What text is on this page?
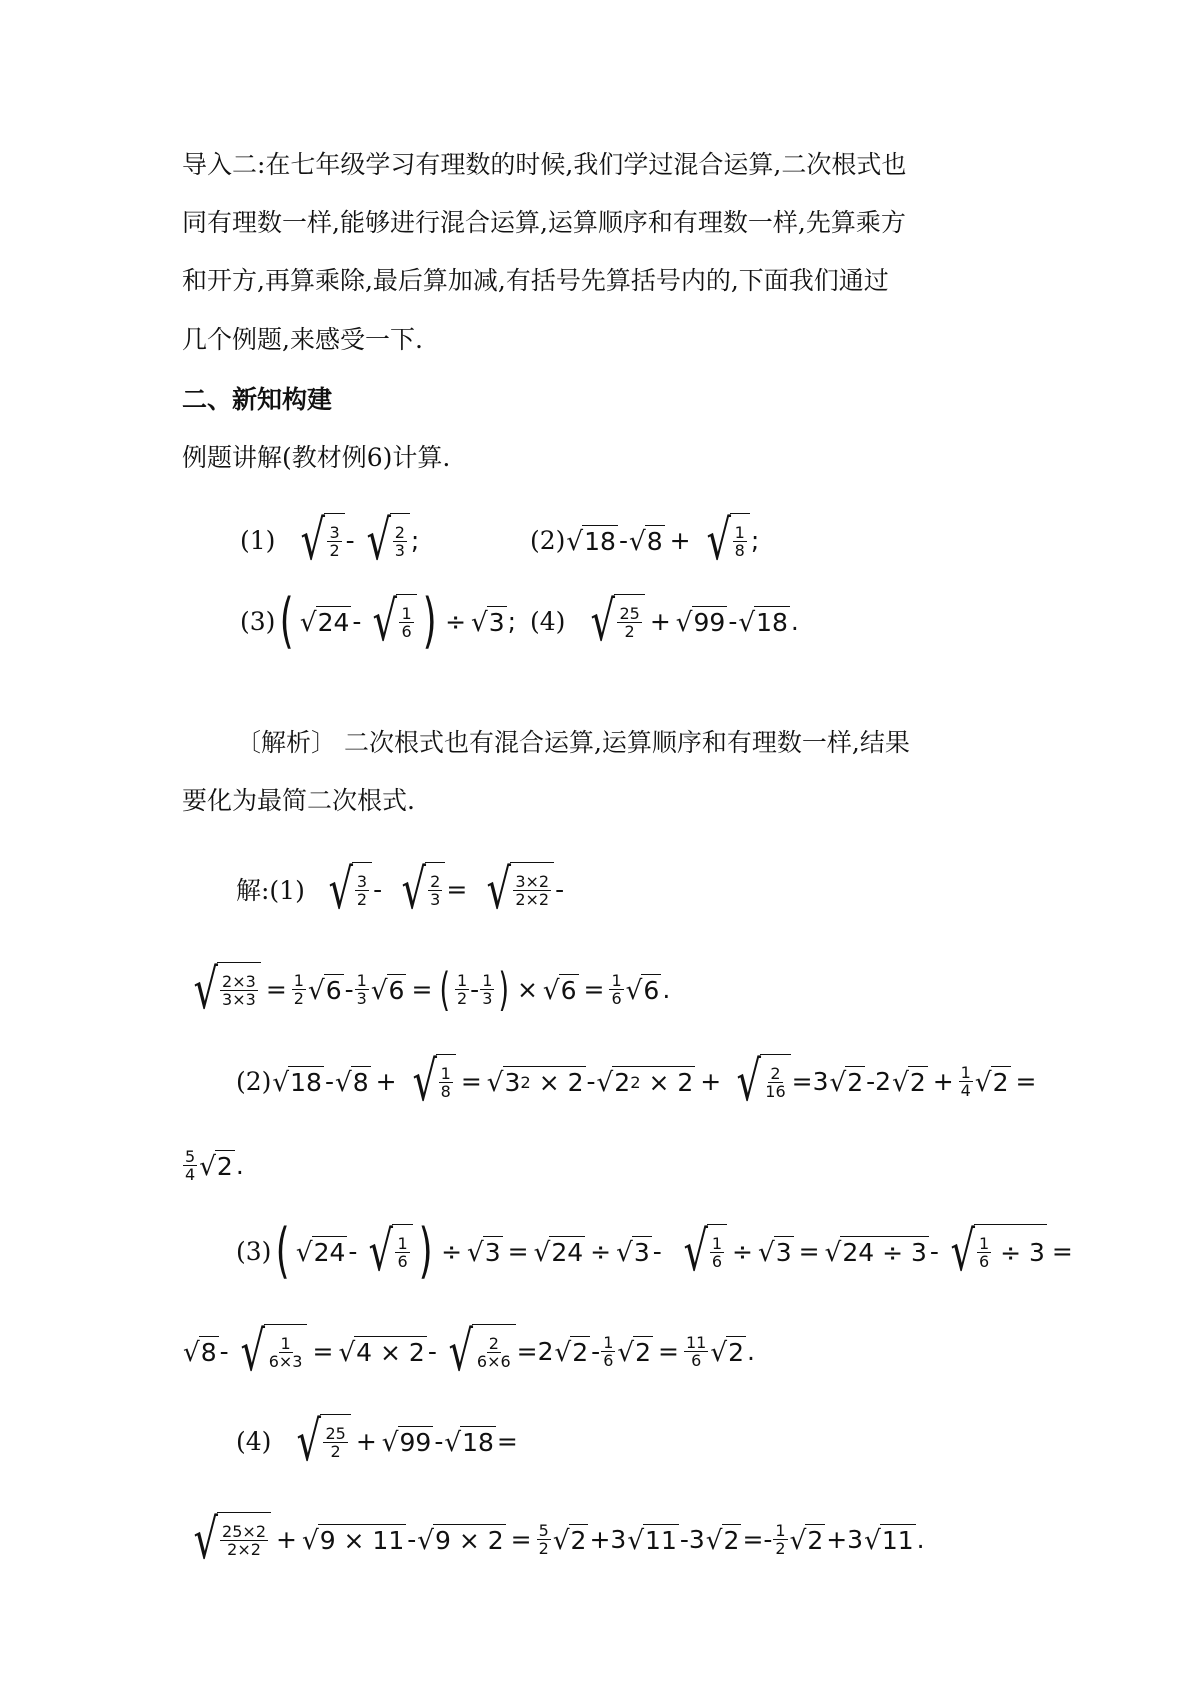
导入二:在七年级学习有理数的时候,我们学过混合运算,二次根式也
同有理数一样,能够进行混合运算,运算顺序和有理数一样,先算乘方
和开方,再算乘除,最后算加减,有括号先算括号内的,下面我们通过
几个例题,来感受一下.
二、新知构建
例题讲解(教材例6)计算.
(1) √ 3
2 - √ 2
3 ;	(2) √ 18 - √ 8 + √ 1
8 ;
(3) ( √ 24 - √ 1
6 ) ÷ √ 3 ; (4) √ 25
2 + √ 99 - √ 18 .
〔解析〕 二次根式也有混合运算,运算顺序和有理数一样,结果
要化为最简二次根式.
解:(1) √ 3
2 - √ 2
3 = √ 3×2
2×2 -
√ 2×3
$3\times 3 = \frac{1}{2}$ √ 6 - 1
3 √ 6 = ( 1
2 - 1
3 ) × √ $6 = \frac{1}{6}$ √ 6 .
(2) √ 18 - √ 8 + √ 1
8 = √ 3 2 × 2 - √ 2 2 × 2 + √ 2
16 =3 √ 2 -2 √ $2 + \frac{1}{4}$ √ 2 =
5
4 √ 2 .
(3) ( √ 24 - √ 1
6 ) ÷ √ 3 = √ 24 ÷ √ 3 - √ 1
6 ÷ √ 3 = √ 24 ÷ 3 - √ 1
6 ÷ 3 =
√ 8 - √ 1
6×3 = √ 4 × 2 - √ 2
6×6 =2 √ 2 - 1
6 √ $2 = \frac{11}{6}$ √ 2 .
(4) √ 25
2 + √ 99 - √ 18 =
√ 25×2
2×2 + √ 9 × 11 - √ $9 \times 2 = \frac{5}{2}$ √ 2 +3 √ 11 -3 √ 2 =- 1
2 √ 2 +3 √ 11 .
